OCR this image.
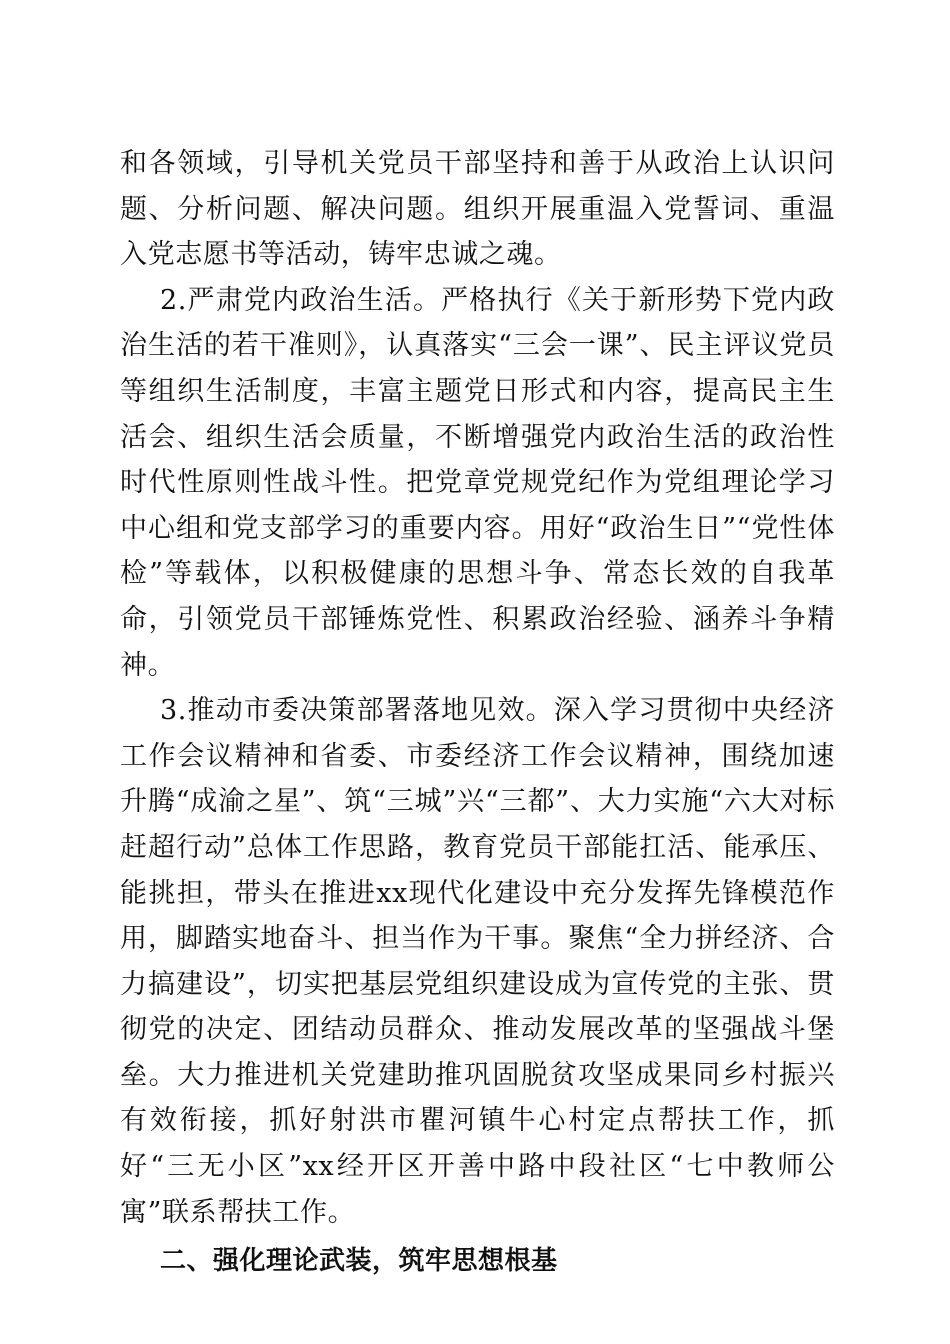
和各领域，引导机关党员干部坚持和善于从政治上认识问题、分析问题、解决问题。组织开展重温入党誓词、重温入党志愿书等活动，铸牢忠诚之魂。

2.严肃党内政治生活。严格执行《关于新形势下党内政治生活的若干准则》，认真落实“三会一课”、民主评议党员等组织生活制度，丰富主题党日形式和内容，提高民主生活会、组织生活会质量，不断增强党内政治生活的政治性时代性原则性战斗性。把党章党规党纪作为党组理论学习中心组和党支部学习的重要内容。用好“政治生日”“党性体检”等载体，以积极健康的思想斗争、常态长效的自我革命，引领党员干部锤炼党性、积累政治经验、涵养斗争精神。

3.推动市委决策部署落地见效。深入学习贯彻中央经济工作会议精神和省委、市委经济工作会议精神，围绕加速升腾“成渝之星”、筑“三城”兴“三都”、大力实施“六大对标赶超行动”总体工作思路，教育党员干部能扛活、能承压、能挑担，带头在推进xx现代化建设中充分发挥先锋模范作用，脚踏实地奋斗、担当作为干事。聚焦“全力拼经济、合力搞建设”，切实把基层党组织建设成为宣传党的主张、贯彻党的决定、团结动员群众、推动发展改革的坚强战斗堡垒。大力推进机关党建助推巩固脱贫攻坚成果同乡村振兴有效衔接，抓好射洪市瞿河镇牛心村定点帮扶工作，抓好“三无小区”xx经开区开善中路中段社区“七中教师公寓”联系帮扶工作。

二、强化理论武装，筑牢思想根基
